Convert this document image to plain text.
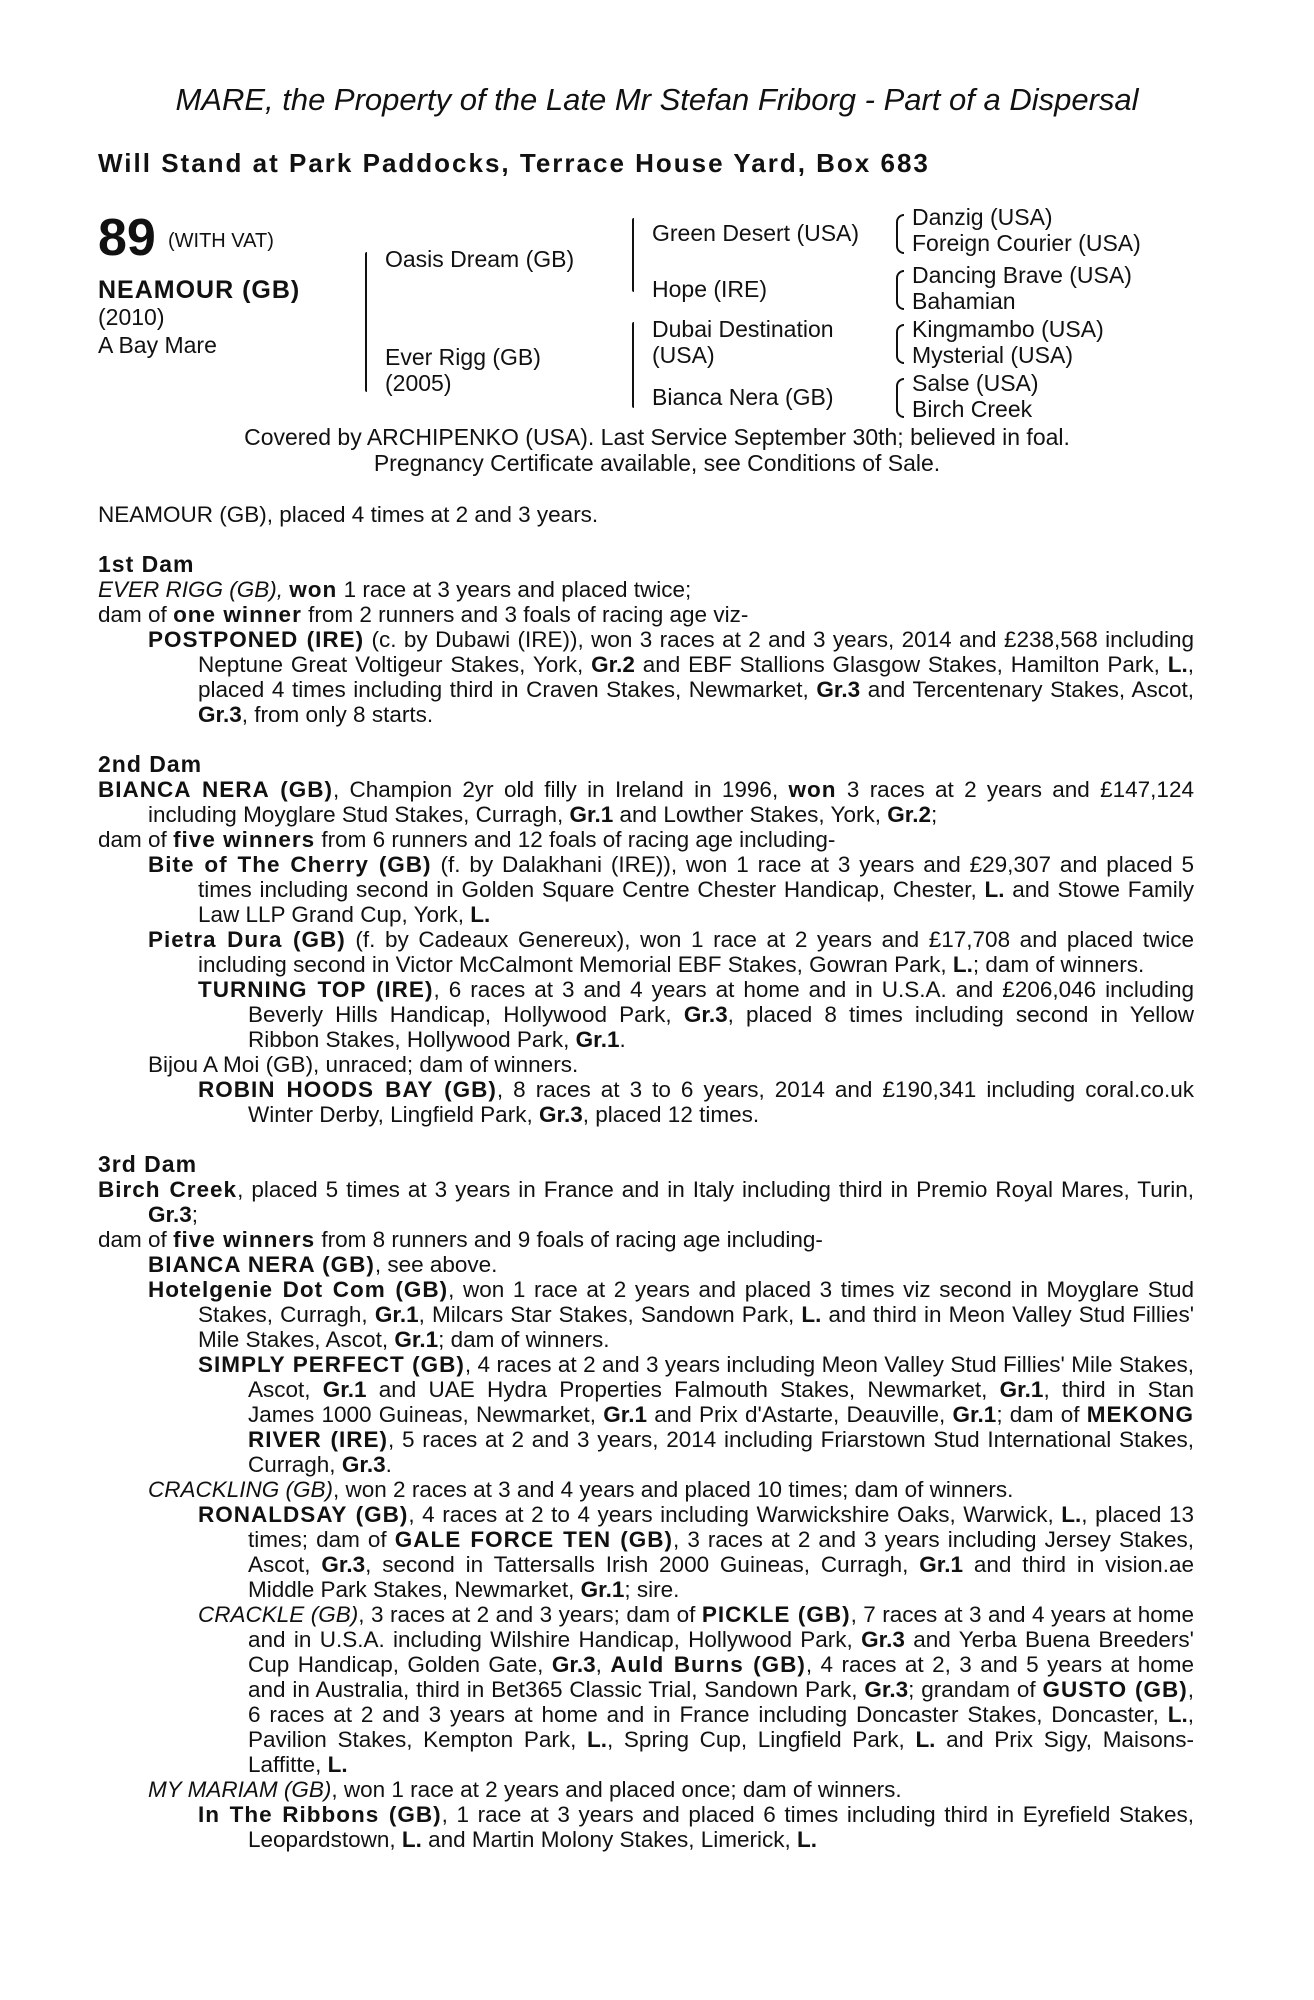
MARE, the Property of the Late Mr Stefan Friborg - Part of a Dispersal
Will Stand at Park Paddocks, Terrace House Yard, Box 683
89 (WITH VAT)
NEAMOUR (GB)
(2010)
A Bay Mare
Oasis Dream (GB)
Ever Rigg (GB)
(2005)
Green Desert (USA)
Hope (IRE)
Dubai Destination
(USA)
Bianca Nera (GB)
Danzig (USA)
Foreign Courier (USA)
Dancing Brave (USA)
Bahamian
Kingmambo (USA)
Mysterial (USA)
Salse (USA)
Birch Creek
Covered by ARCHIPENKO (USA). Last Service September 30th; believed in foal.
Pregnancy Certificate available, see Conditions of Sale.

NEAMOUR (GB), placed 4 times at 2 and 3 years.

1st Dam

EVER RIGG (GB), won 1 race at 3 years and placed twice;

dam of one winner from 2 runners and 3 foals of racing age viz-

POSTPONED (IRE) (c. by Dubawi (IRE)), won 3 races at 2 and 3 years, 2014 and £238,568 including Neptune Great Voltigeur Stakes, York, Gr.2 and EBF Stallions Glasgow Stakes, Hamilton Park, L., placed 4 times including third in Craven Stakes, Newmarket, Gr.3 and Tercentenary Stakes, Ascot, Gr.3, from only 8 starts.

2nd Dam

BIANCA NERA (GB), Champion 2yr old filly in Ireland in 1996, won 3 races at 2 years and £147,124 including Moyglare Stud Stakes, Curragh, Gr.1 and Lowther Stakes, York, Gr.2;

dam of five winners from 6 runners and 12 foals of racing age including-

Bite of The Cherry (GB) (f. by Dalakhani (IRE)), won 1 race at 3 years and £29,307 and placed 5 times including second in Golden Square Centre Chester Handicap, Chester, L. and Stowe Family Law LLP Grand Cup, York, L.

Pietra Dura (GB) (f. by Cadeaux Genereux), won 1 race at 2 years and £17,708 and placed twice including second in Victor McCalmont Memorial EBF Stakes, Gowran Park, L.; dam of winners.

TURNING TOP (IRE), 6 races at 3 and 4 years at home and in U.S.A. and £206,046 including Beverly Hills Handicap, Hollywood Park, Gr.3, placed 8 times including second in Yellow Ribbon Stakes, Hollywood Park, Gr.1.

Bijou A Moi (GB), unraced; dam of winners.

ROBIN HOODS BAY (GB), 8 races at 3 to 6 years, 2014 and £190,341 including coral.co.uk Winter Derby, Lingfield Park, Gr.3, placed 12 times.

3rd Dam

Birch Creek, placed 5 times at 3 years in France and in Italy including third in Premio Royal Mares, Turin, Gr.3;

dam of five winners from 8 runners and 9 foals of racing age including-

BIANCA NERA (GB), see above.

Hotelgenie Dot Com (GB), won 1 race at 2 years and placed 3 times viz second in Moyglare Stud Stakes, Curragh, Gr.1, Milcars Star Stakes, Sandown Park, L. and third in Meon Valley Stud Fillies' Mile Stakes, Ascot, Gr.1; dam of winners.

SIMPLY PERFECT (GB), 4 races at 2 and 3 years including Meon Valley Stud Fillies' Mile Stakes, Ascot, Gr.1 and UAE Hydra Properties Falmouth Stakes, Newmarket, Gr.1, third in Stan James 1000 Guineas, Newmarket, Gr.1 and Prix d'Astarte, Deauville, Gr.1; dam of MEKONG RIVER (IRE), 5 races at 2 and 3 years, 2014 including Friarstown Stud International Stakes, Curragh, Gr.3.

CRACKLING (GB), won 2 races at 3 and 4 years and placed 10 times; dam of winners.

RONALDSAY (GB), 4 races at 2 to 4 years including Warwickshire Oaks, Warwick, L., placed 13 times; dam of GALE FORCE TEN (GB), 3 races at 2 and 3 years including Jersey Stakes, Ascot, Gr.3, second in Tattersalls Irish 2000 Guineas, Curragh, Gr.1 and third in vision.ae Middle Park Stakes, Newmarket, Gr.1; sire.

CRACKLE (GB), 3 races at 2 and 3 years; dam of PICKLE (GB), 7 races at 3 and 4 years at home and in U.S.A. including Wilshire Handicap, Hollywood Park, Gr.3 and Yerba Buena Breeders' Cup Handicap, Golden Gate, Gr.3, Auld Burns (GB), 4 races at 2, 3 and 5 years at home and in Australia, third in Bet365 Classic Trial, Sandown Park, Gr.3; grandam of GUSTO (GB), 6 races at 2 and 3 years at home and in France including Doncaster Stakes, Doncaster, L., Pavilion Stakes, Kempton Park, L., Spring Cup, Lingfield Park, L. and Prix Sigy, Maisons-Laffitte, L.

MY MARIAM (GB), won 1 race at 2 years and placed once; dam of winners.

In The Ribbons (GB), 1 race at 3 years and placed 6 times including third in Eyrefield Stakes, Leopardstown, L. and Martin Molony Stakes, Limerick, L.
